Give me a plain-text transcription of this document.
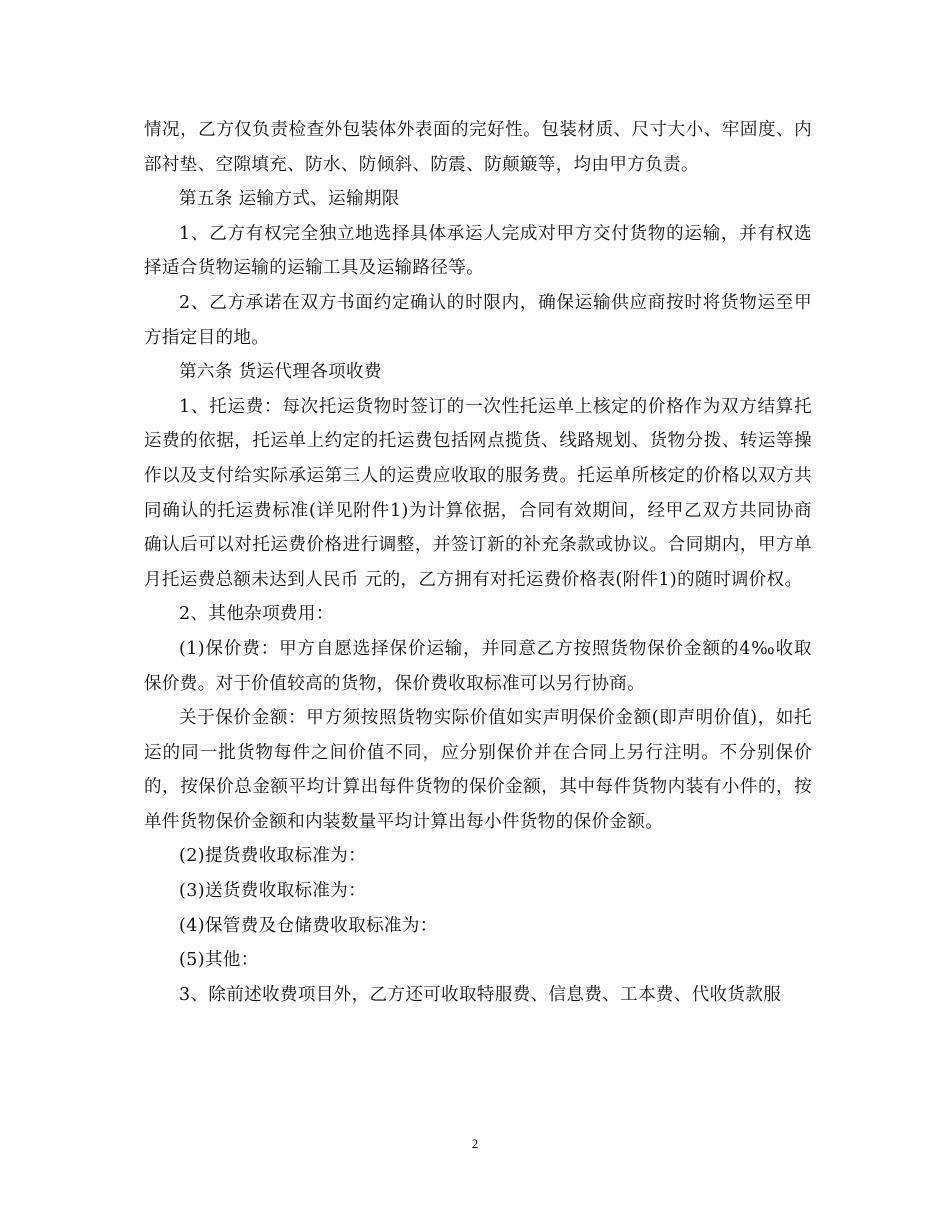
情况，乙方仅负责检查外包装体外表面的完好性。包装材质、尺寸大小、牢固度、内部衬垫、空隙填充、防水、防倾斜、防震、防颠簸等，均由甲方负责。

第五条 运输方式、运输期限

1、乙方有权完全独立地选择具体承运人完成对甲方交付货物的运输，并有权选择适合货物运输的运输工具及运输路径等。

2、乙方承诺在双方书面约定确认的时限内，确保运输供应商按时将货物运至甲方指定目的地。

第六条 货运代理各项收费

1、托运费：每次托运货物时签订的一次性托运单上核定的价格作为双方结算托运费的依据，托运单上约定的托运费包括网点揽货、线路规划、货物分拨、转运等操作以及支付给实际承运第三人的运费应收取的服务费。托运单所核定的价格以双方共同确认的托运费标准(详见附件1)为计算依据，合同有效期间，经甲乙双方共同协商确认后可以对托运费价格进行调整，并签订新的补充条款或协议。合同期内，甲方单月托运费总额未达到人民币 元的，乙方拥有对托运费价格表(附件1)的随时调价权。

2、其他杂项费用：

(1)保价费：甲方自愿选择保价运输，并同意乙方按照货物保价金额的4‰收取保价费。对于价值较高的货物，保价费收取标准可以另行协商。

关于保价金额：甲方须按照货物实际价值如实声明保价金额(即声明价值)，如托运的同一批货物每件之间价值不同，应分别保价并在合同上另行注明。不分别保价的，按保价总金额平均计算出每件货物的保价金额，其中每件货物内装有小件的，按单件货物保价金额和内装数量平均计算出每小件货物的保价金额。

(2)提货费收取标准为：

(3)送货费收取标准为：

(4)保管费及仓储费收取标准为：

(5)其他：

3、除前述收费项目外，乙方还可收取特服费、信息费、工本费、代收货款服

2
